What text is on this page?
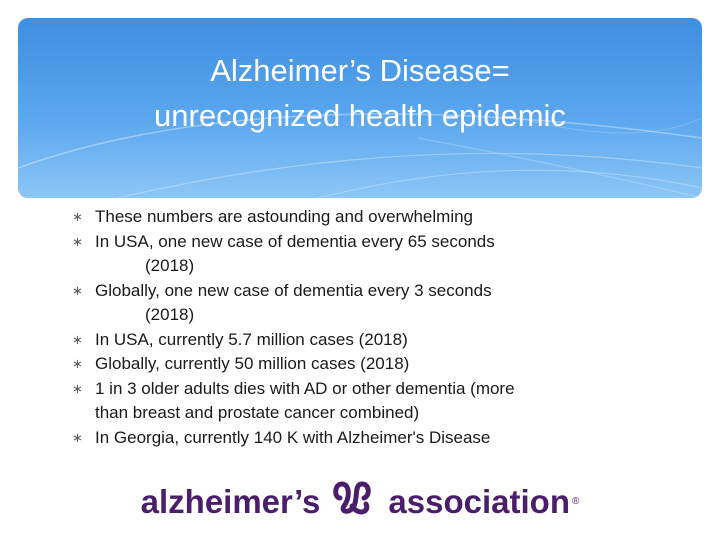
Alzheimer’s Disease=
unrecognized health epidemic
∗ These numbers are astounding and overwhelming
∗ In USA, one new case of dementia every 65 seconds
(2018)
∗ Globally, one new case of dementia every 3 seconds
(2018)
∗ In USA, currently 5.7 million cases (2018)
∗ Globally, currently 50 million cases (2018)
∗ 1 in 3 older adults dies with AD or other dementia (more
than breast and prostate cancer combined)
∗ In Georgia, currently 140 K with Alzheimer's Disease
alzheimer’s association ®
